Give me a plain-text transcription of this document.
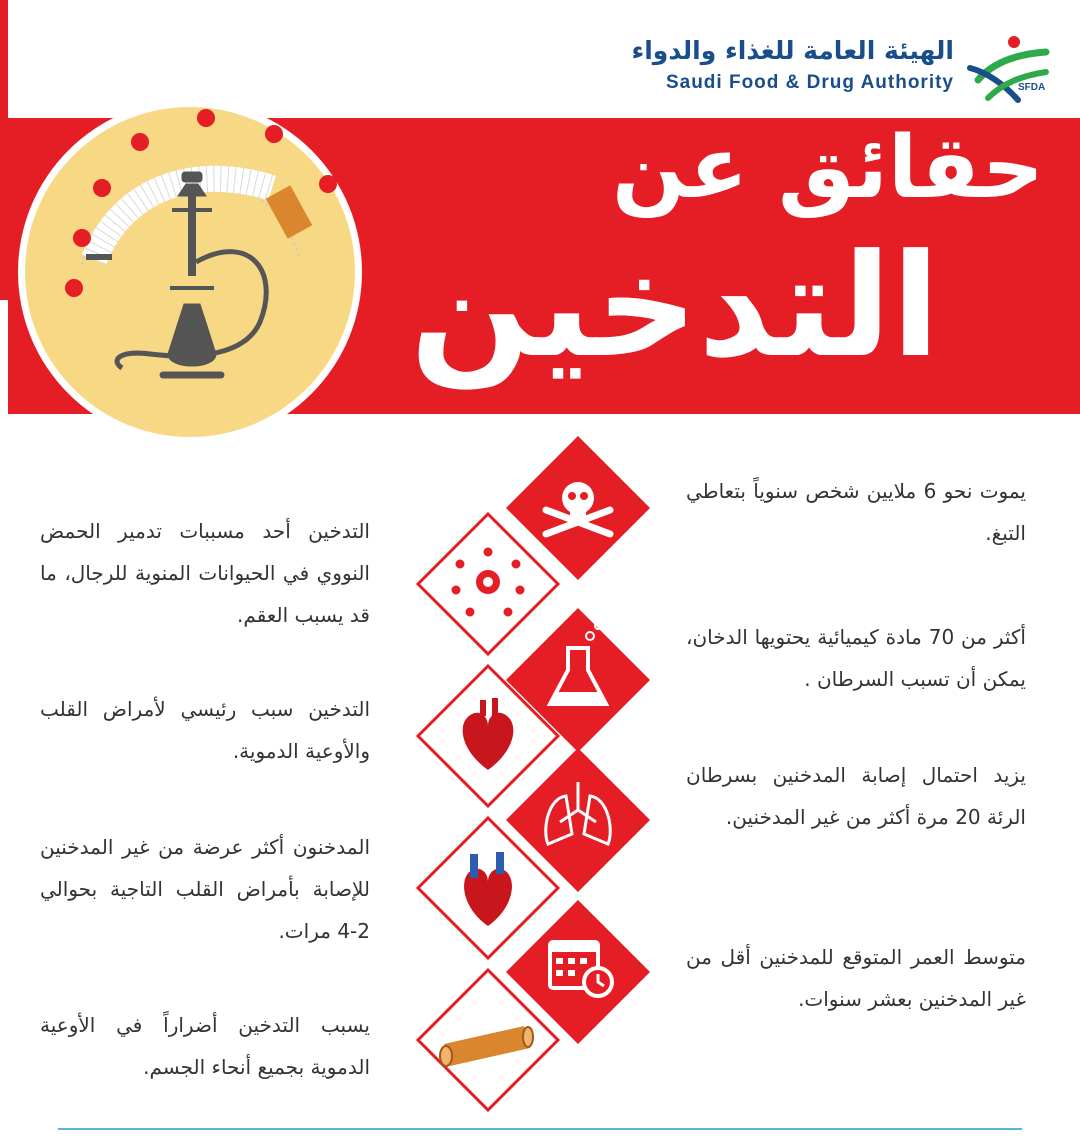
الهيئة العامة للغذاء والدواء
Saudi Food & Drug Authority	SFDA
حقائق عن
التدخين
يموت نحو 6 ملايين شخص سنوياً بتعاطي التبغ.
أكثر من 70 مادة كيميائية يحتويها الدخان، يمكن أن تسبب السرطان .
يزيد احتمال إصابة المدخنين بسرطان الرئة 20 مرة أكثر من غير المدخنين.
متوسط العمر المتوقع للمدخنين أقل من غير المدخنين بعشر سنوات.
التدخين أحد مسببات تدمير الحمض النووي في الحيوانات المنوية للرجال، ما قد يسبب العقم.
التدخين سبب رئيسي لأمراض القلب والأوعية الدموية.
المدخنون أكثر عرضة من غير المدخنين للإصابة بأمراض القلب التاجية بحوالي 2-4 مرات.
يسبب التدخين أضراراً في الأوعية الدموية بجميع أنحاء الجسم.
